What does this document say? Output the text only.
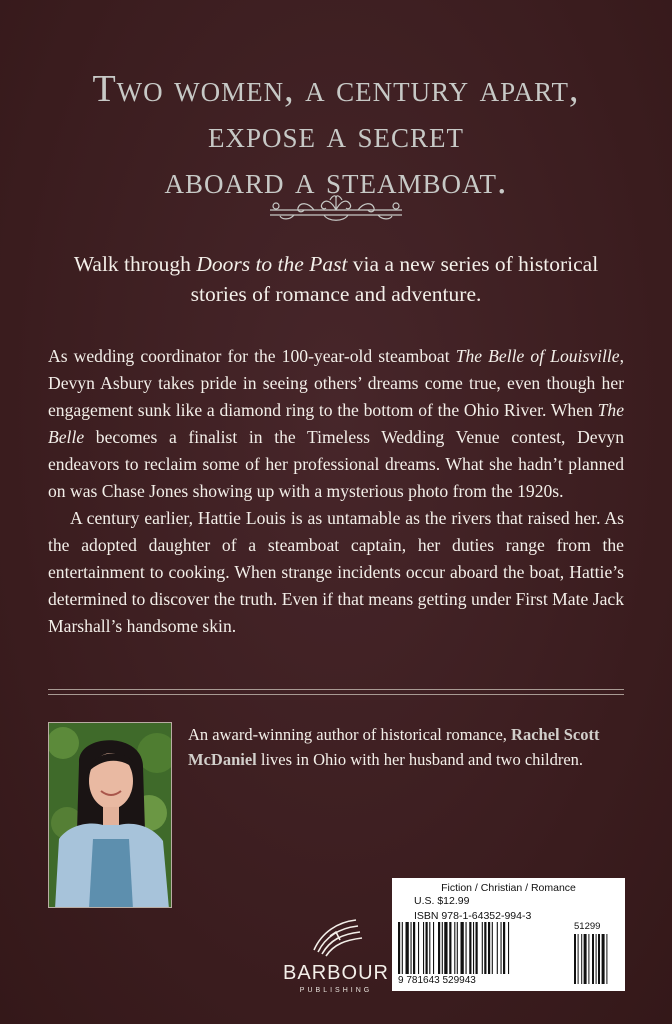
Two women, a century apart,
expose a secret
aboard a steamboat.
Walk through Doors to the Past via a new series of historical stories of romance and adventure.

As wedding coordinator for the 100-year-old steamboat The Belle of Louisville, Devyn Asbury takes pride in seeing others’ dreams come true, even though her engagement sunk like a diamond ring to the bottom of the Ohio River. When The Belle becomes a finalist in the Timeless Wedding Venue contest, Devyn endeavors to reclaim some of her professional dreams. What she hadn’t planned on was Chase Jones showing up with a mysterious photo from the 1920s.

A century earlier, Hattie Louis is as untamable as the rivers that raised her. As the adopted daughter of a steamboat captain, her duties range from the entertainment to cooking. When strange incidents occur aboard the boat, Hattie’s determined to discover the truth. Even if that means getting under First Mate Jack Marshall’s handsome skin.

An award-winning author of historical romance, Rachel Scott McDaniel lives in Ohio with her husband and two children.
BARBOUR
PUBLISHING
Fiction / Christian / Romance
U.S. $12.99
ISBN 978-1-64352-994-3
51299
9 781643 529943
